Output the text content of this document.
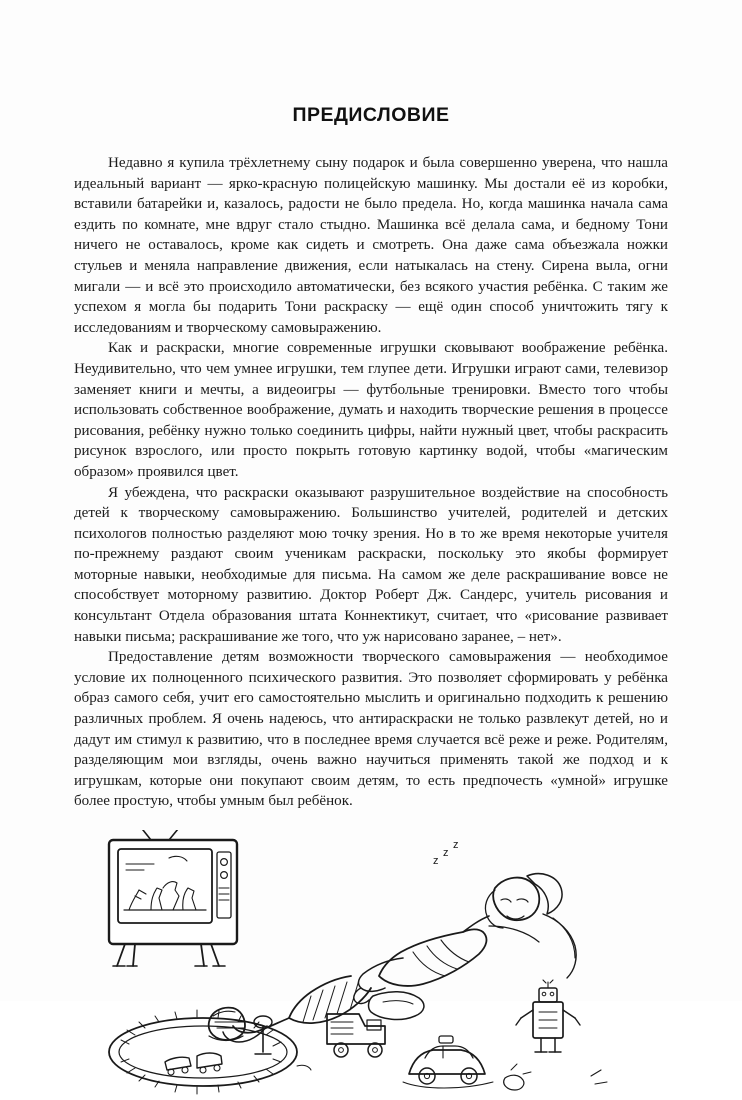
ПРЕДИСЛОВИЕ

Недавно я купила трёхлетнему сыну подарок и была совершенно уверена, что нашла идеальный вариант — ярко-красную полицейскую машинку. Мы достали её из коробки, вставили батарейки и, казалось, радости не было предела. Но, когда машинка начала сама ездить по комнате, мне вдруг стало стыдно. Машинка всё делала сама, и бедному Тони ничего не оставалось, кроме как сидеть и смотреть. Она даже сама объезжала ножки стульев и меняла направление движения, если натыкалась на стену. Сирена выла, огни мигали — и всё это происходило автоматически, без всякого участия ребёнка. С таким же успехом я могла бы подарить Тони раскраску — ещё один способ уничтожить тягу к исследованиям и творческому самовыражению.

Как и раскраски, многие современные игрушки сковывают воображение ребёнка. Неудивительно, что чем умнее игрушки, тем глупее дети. Игрушки играют сами, телевизор заменяет книги и мечты, а видеоигры — футбольные тренировки. Вместо того чтобы использовать собственное воображение, думать и находить творческие решения в процессе рисования, ребёнку нужно только соединить цифры, найти нужный цвет, чтобы раскрасить рисунок взрослого, или просто покрыть готовую картинку водой, чтобы «магическим образом» проявился цвет.

Я убеждена, что раскраски оказывают разрушительное воздействие на способность детей к творческому самовыражению. Большинство учителей, родителей и детских психологов полностью разделяют мою точку зрения. Но в то же время некоторые учителя по-прежнему раздают своим ученикам раскраски, поскольку это якобы формирует моторные навыки, необходимые для письма. На самом же деле раскрашивание вовсе не способствует моторному развитию. Доктор Роберт Дж. Сандерс, учитель рисования и консультант Отдела образования штата Коннектикут, считает, что «рисование развивает навыки письма; раскрашивание же того, что уж нарисовано заранее, – нет».

Предоставление детям возможности творческого самовыражения — необходимое условие их полноценного психического развития. Это позволяет сформировать у ребёнка образ самого себя, учит его самостоятельно мыслить и оригинально подходить к решению различных проблем. Я очень надеюсь, что антираскраски не только развлекут детей, но и дадут им стимул к развитию, что в последнее время случается всё реже и реже. Родителям, разделяющим мои взгляды, очень важно научиться применять такой же подход и к игрушкам, которые они покупают своим детям, то есть предпочесть «умной» игрушке более простую, чтобы умным был ребёнок.

z
z
z
